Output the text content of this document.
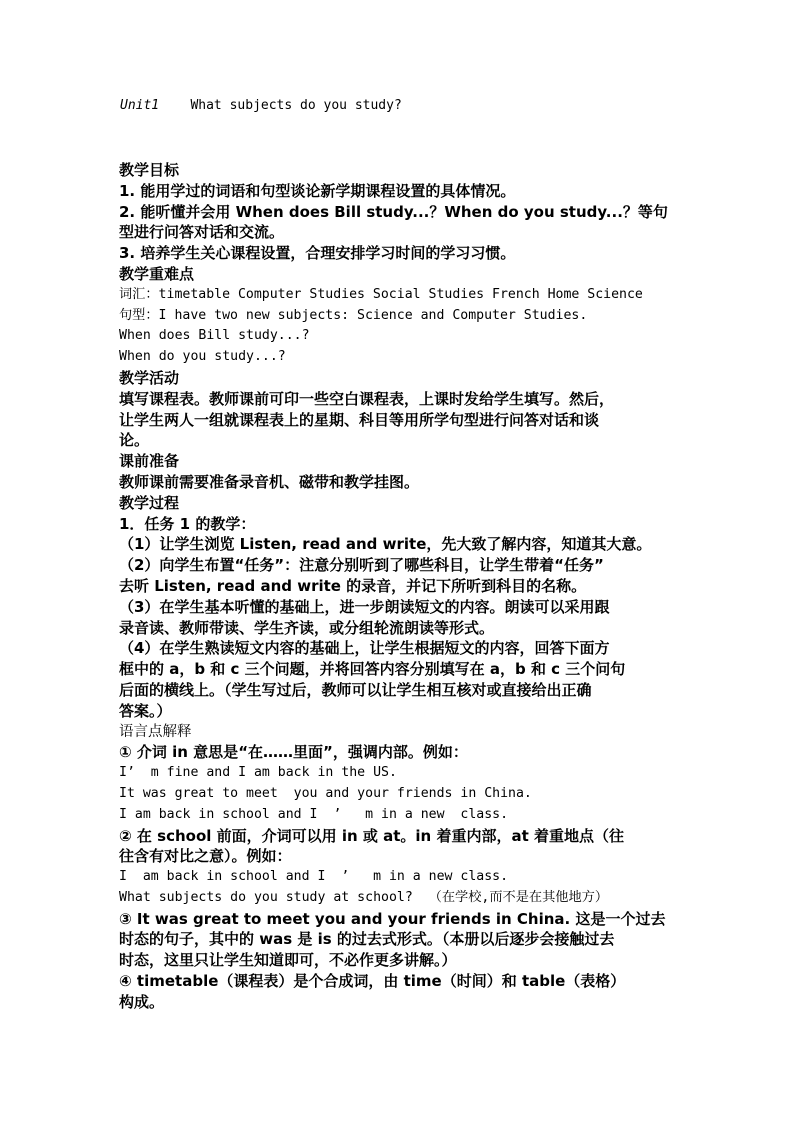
Unit1 What subjects do you study?
教学目标
1. 能用学过的词语和句型谈论新学期课程设置的具体情况。
2. 能听懂并会用 When does Bill study...？When do you study...？等句
型进行问答对话和交流。
3. 培养学生关心课程设置，合理安排学习时间的学习习惯。
教学重难点
词汇：timetable Computer Studies Social Studies French Home Science
句型：I have two new subjects: Science and Computer Studies.
When does Bill study...?
When do you study...?
教学活动
填写课程表。教师课前可印一些空白课程表，上课时发给学生填写。然后，
让学生两人一组就课程表上的星期、科目等用所学句型进行问答对话和谈
论。
课前准备
教师课前需要准备录音机、磁带和教学挂图。
教学过程
1．任务 1 的教学：
（1）让学生浏览 Listen, read and write，先大致了解内容，知道其大意。
（2）向学生布置“任务”：注意分别听到了哪些科目，让学生带着“任务”
去听 Listen, read and write 的录音，并记下所听到科目的名称。
（3）在学生基本听懂的基础上，进一步朗读短文的内容。朗读可以采用跟
录音读、教师带读、学生齐读，或分组轮流朗读等形式。
（4）在学生熟读短文内容的基础上，让学生根据短文的内容，回答下面方
框中的 a，b 和 c 三个问题，并将回答内容分别填写在 a，b 和 c 三个问句
后面的横线上。（学生写过后，教师可以让学生相互核对或直接给出正确
答案。）
语言点解释
① 介词 in 意思是“在……里面”，强调内部。例如：
I’  m fine and I am back in the US.
It was great to meet  you and your friends in China.
I am back in school and I  ’   m in a new  class.
② 在 school 前面，介词可以用 in 或 at。in 着重内部，at 着重地点（往
往含有对比之意）。例如：
I  am back in school and I  ’   m in a new class.
What subjects do you study at school?  （在学校,而不是在其他地方）
③ It was great to meet you and your friends in China. 这是一个过去
时态的句子，其中的 was 是 is 的过去式形式。（本册以后逐步会接触过去
时态，这里只让学生知道即可，不必作更多讲解。）
④ timetable（课程表）是个合成词，由 time（时间）和 table（表格）
构成。
